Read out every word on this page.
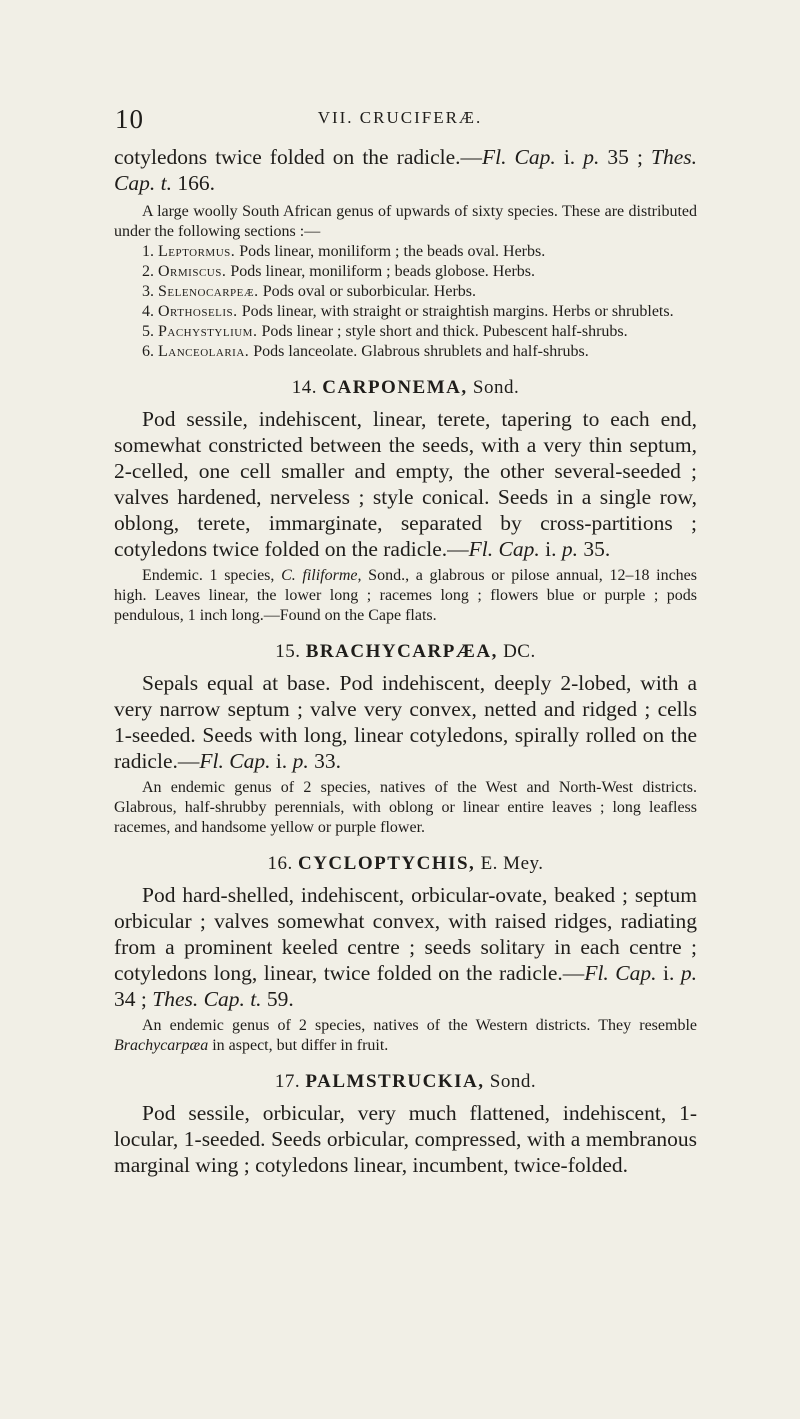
10	VII. CRUCIFERÆ.

cotyledons twice folded on the radicle.—Fl. Cap. i. p. 35 ; Thes. Cap. t. 166.

A large woolly South African genus of upwards of sixty species. These are distributed under the following sections :—

1. Leptormus. Pods linear, moniliform ; the beads oval. Herbs.

2. Ormiscus. Pods linear, moniliform ; beads globose. Herbs.

3. Selenocarpeæ. Pods oval or suborbicular. Herbs.

4. Orthoselis. Pods linear, with straight or straightish margins. Herbs or shrublets.

5. Pachystylium. Pods linear ; style short and thick. Pubescent half-shrubs.

6. Lanceolaria. Pods lanceolate. Glabrous shrublets and half-shrubs.

14. CARPONEMA, Sond.

Pod sessile, indehiscent, linear, terete, tapering to each end, somewhat constricted between the seeds, with a very thin septum, 2-celled, one cell smaller and empty, the other several-seeded ; valves hardened, nerveless ; style conical. Seeds in a single row, oblong, terete, immarginate, separated by cross-partitions ; cotyledons twice folded on the radicle.—Fl. Cap. i. p. 35.

Endemic. 1 species, C. filiforme, Sond., a glabrous or pilose annual, 12–18 inches high. Leaves linear, the lower long ; racemes long ; flowers blue or purple ; pods pendulous, 1 inch long.—Found on the Cape flats.

15. BRACHYCARPÆA, DC.

Sepals equal at base. Pod indehiscent, deeply 2-lobed, with a very narrow septum ; valve very convex, netted and ridged ; cells 1-seeded. Seeds with long, linear cotyledons, spirally rolled on the radicle.—Fl. Cap. i. p. 33.

An endemic genus of 2 species, natives of the West and North-West districts. Glabrous, half-shrubby perennials, with oblong or linear entire leaves ; long leafless racemes, and handsome yellow or purple flower.

16. CYCLOPTYCHIS, E. Mey.

Pod hard-shelled, indehiscent, orbicular-ovate, beaked ; septum orbicular ; valves somewhat convex, with raised ridges, radiating from a prominent keeled centre ; seeds solitary in each centre ; cotyledons long, linear, twice folded on the radicle.—Fl. Cap. i. p. 34 ; Thes. Cap. t. 59.

An endemic genus of 2 species, natives of the Western districts. They resemble Brachycarpæa in aspect, but differ in fruit.

17. PALMSTRUCKIA, Sond.

Pod sessile, orbicular, very much flattened, indehiscent, 1-locular, 1-seeded. Seeds orbicular, compressed, with a membranous marginal wing ; cotyledons linear, incumbent, twice-folded.
